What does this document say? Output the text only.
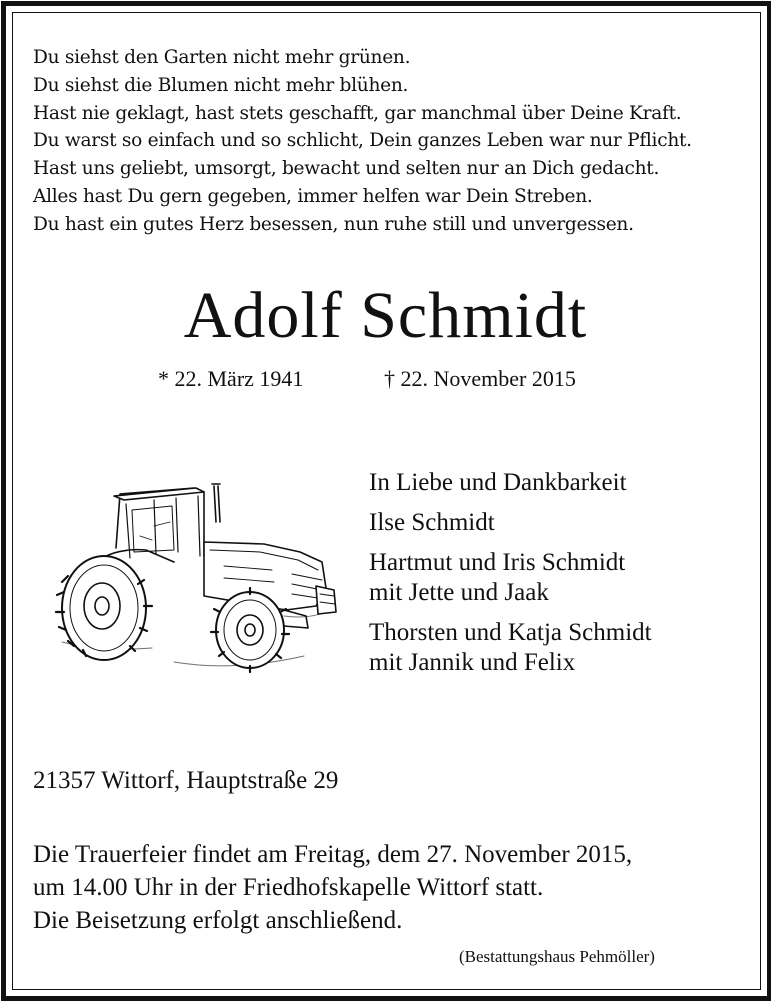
Du siehst den Garten nicht mehr grünen.
Du siehst die Blumen nicht mehr blühen.
Hast nie geklagt, hast stets geschafft, gar manchmal über Deine Kraft.
Du warst so einfach und so schlicht, Dein ganzes Leben war nur Pflicht.
Hast uns geliebt, umsorgt, bewacht und selten nur an Dich gedacht.
Alles hast Du gern gegeben, immer helfen war Dein Streben.
Du hast ein gutes Herz besessen, nun ruhe still und unvergessen.
Adolf Schmidt
* 22. März 1941	† 22. November 2015
In Liebe und Dankbarkeit
Ilse Schmidt
Hartmut und Iris Schmidt
mit Jette und Jaak
Thorsten und Katja Schmidt
mit Jannik und Felix
21357 Wittorf, Hauptstraße 29
Die Trauerfeier findet am Freitag, dem 27. November 2015,
um 14.00 Uhr in der Friedhofskapelle Wittorf statt.
Die Beisetzung erfolgt anschließend.
(Bestattungshaus Pehmöller)
